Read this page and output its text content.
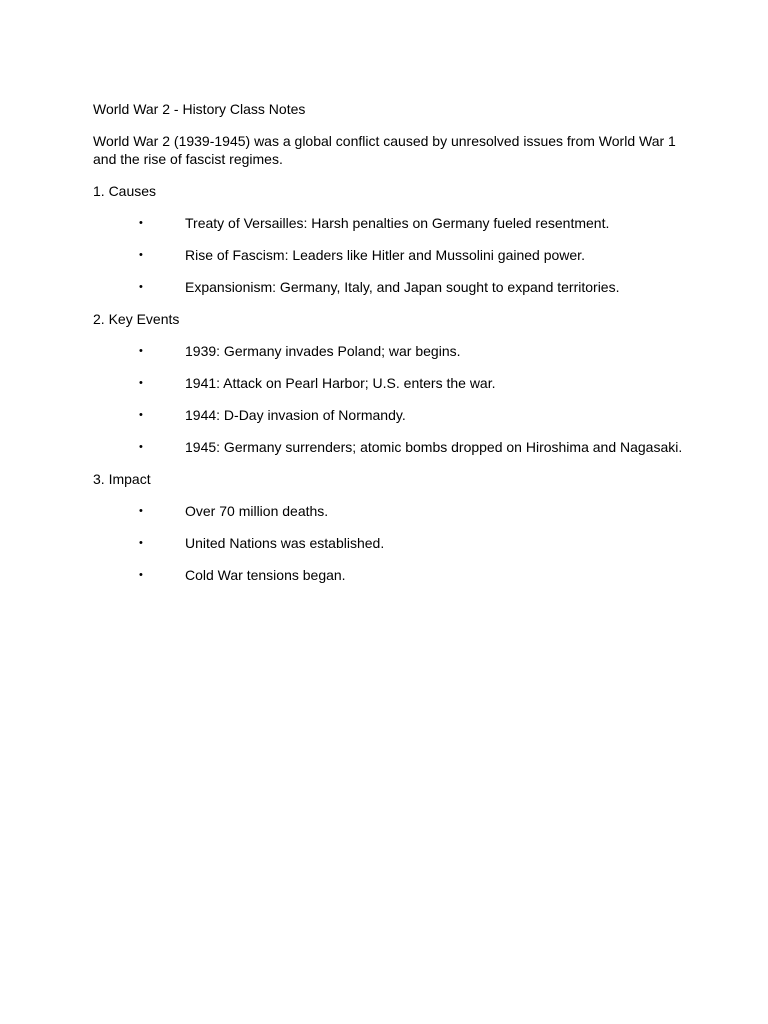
World War 2 - History Class Notes

World War 2 (1939-1945) was a global conflict caused by unresolved issues from World War 1 and the rise of fascist regimes.

1. Causes

•	Treaty of Versailles: Harsh penalties on Germany fueled resentment.
•	Rise of Fascism: Leaders like Hitler and Mussolini gained power.
•	Expansionism: Germany, Italy, and Japan sought to expand territories.

2. Key Events

•	1939: Germany invades Poland; war begins.
•	1941: Attack on Pearl Harbor; U.S. enters the war.
•	1944: D-Day invasion of Normandy.
•	1945: Germany surrenders; atomic bombs dropped on Hiroshima and Nagasaki.

3. Impact

•	Over 70 million deaths.
•	United Nations was established.
•	Cold War tensions began.
